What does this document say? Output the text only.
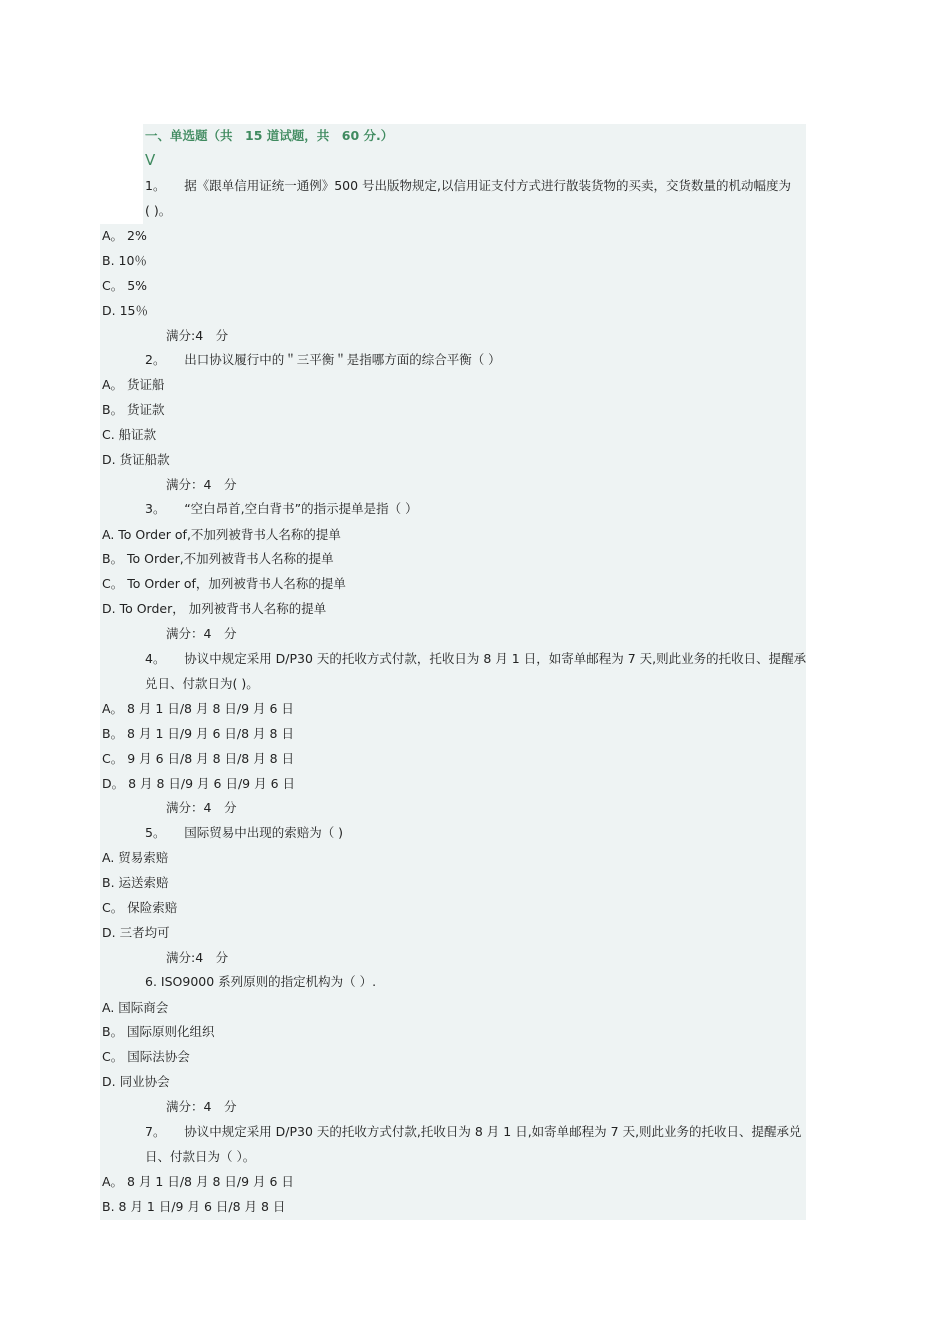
一、单选题（共　15 道试题，共　60 分.）
V
1。　　据《跟单信用证统一通例》500 号出版物规定,以信用证支付方式进行散装货物的买卖，交货数量的机动幅度为
( )。
A。 2%
B. 10％
C。 5%
D. 15％
满分:4　分
2。　　出口协议履行中的＂三平衡＂是指哪方面的综合平衡（ ）
A。 货证船
B。 货证款
C. 船证款
D. 货证船款
满分：4　分
3。　　“空白昂首,空白背书”的指示提单是指（ ）
A. To Order of,不加列被背书人名称的提单
B。 To Order,不加列被背书人名称的提单
C。 To Order of，加列被背书人名称的提单
D. To Order， 加列被背书人名称的提单
满分：4　分
4。　　协议中规定采用 D/P30 天的托收方式付款，托收日为 8 月 1 日，如寄单邮程为 7 天,则此业务的托收日、提醒承
兑日、付款日为( )。
A。 8 月 1 日/8 月 8 日/9 月 6 日
B。 8 月 1 日/9 月 6 日/8 月 8 日
C。 9 月 6 日/8 月 8 日/8 月 8 日
D。 8 月 8 日/9 月 6 日/9 月 6 日
满分：4　分
5。　　国际贸易中出现的索赔为（ )
A. 贸易索赔
B. 运送索赔
C。 保险索赔
D. 三者均可
满分:4　分
6. ISO9000 系列原则的指定机构为（ ）.
A. 国际商会
B。 国际原则化组织
C。 国际法协会
D. 同业协会
满分：4　分
7。　　协议中规定采用 D/P30 天的托收方式付款,托收日为 8 月 1 日,如寄单邮程为 7 天,则此业务的托收日、提醒承兑
日、付款日为（ ）。
A。 8 月 1 日/8 月 8 日/9 月 6 日
B. 8 月 1 日/9 月 6 日/8 月 8 日
